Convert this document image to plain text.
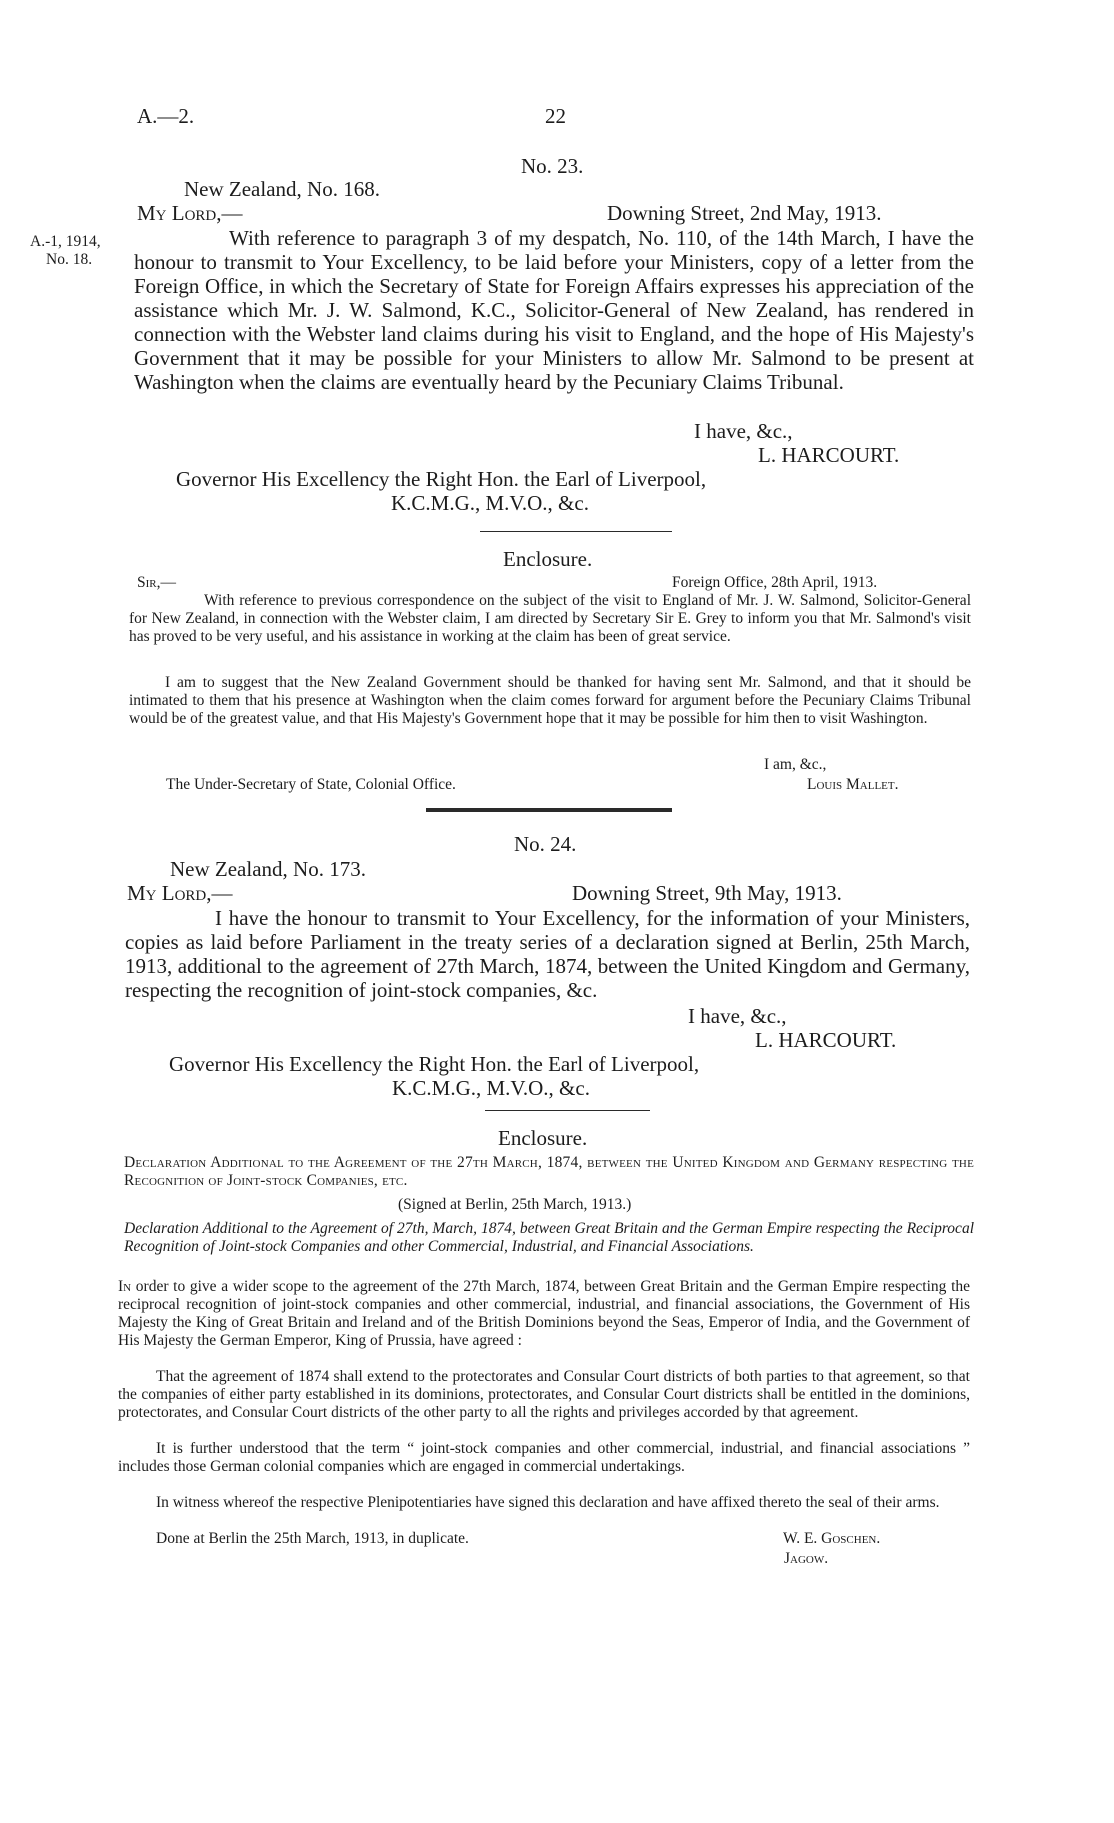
A.—2.	22
No. 23.
New Zealand, No. 168.
My Lord,—	Downing Street, 2nd May, 1913.
A.-1, 1914,
No. 18.
With reference to paragraph 3 of my despatch, No. 110, of the 14th March, I have the honour to transmit to Your Excellency, to be laid before your Ministers, copy of a letter from the Foreign Office, in which the Secretary of State for Foreign Affairs expresses his appreciation of the assistance which Mr. J. W. Salmond, K.C., Solicitor-General of New Zealand, has rendered in connection with the Webster land claims during his visit to England, and the hope of His Majesty's Government that it may be possible for your Ministers to allow Mr. Salmond to be present at Washington when the claims are eventually heard by the Pecuniary Claims Tribunal.
I have, &c.,
L. HARCOURT.
Governor His Excellency the Right Hon. the Earl of Liverpool,
K.C.M.G., M.V.O., &c.
Enclosure.
Sir,—	Foreign Office, 28th April, 1913.
With reference to previous correspondence on the subject of the visit to England of Mr. J. W. Salmond, Solicitor-General for New Zealand, in connection with the Webster claim, I am directed by Secretary Sir E. Grey to inform you that Mr. Salmond's visit has proved to be very useful, and his assistance in working at the claim has been of great service.
I am to suggest that the New Zealand Government should be thanked for having sent Mr. Salmond, and that it should be intimated to them that his presence at Washington when the claim comes forward for argument before the Pecuniary Claims Tribunal would be of the greatest value, and that His Majesty's Government hope that it may be possible for him then to visit Washington.
I am, &c.,
The Under-Secretary of State, Colonial Office.	Louis Mallet.
No. 24.
New Zealand, No. 173.
My Lord,—	Downing Street, 9th May, 1913.
I have the honour to transmit to Your Excellency, for the information of your Ministers, copies as laid before Parliament in the treaty series of a declaration signed at Berlin, 25th March, 1913, additional to the agreement of 27th March, 1874, between the United Kingdom and Germany, respecting the recognition of joint-stock companies, &c.
I have, &c.,
L. HARCOURT.
Governor His Excellency the Right Hon. the Earl of Liverpool,
K.C.M.G., M.V.O., &c.
Enclosure.
Declaration Additional to the Agreement of the 27th March, 1874, between the United Kingdom and Germany respecting the Recognition of Joint-stock Companies, etc.
(Signed at Berlin, 25th March, 1913.)
Declaration Additional to the Agreement of 27th, March, 1874, between Great Britain and the German Empire respecting the Reciprocal Recognition of Joint-stock Companies and other Commercial, Industrial, and Financial Associations.
In order to give a wider scope to the agreement of the 27th March, 1874, between Great Britain and the German Empire respecting the reciprocal recognition of joint-stock companies and other commercial, industrial, and financial associations, the Government of His Majesty the King of Great Britain and Ireland and of the British Dominions beyond the Seas, Emperor of India, and the Government of His Majesty the German Emperor, King of Prussia, have agreed :
That the agreement of 1874 shall extend to the protectorates and Consular Court districts of both parties to that agreement, so that the companies of either party established in its dominions, protectorates, and Consular Court districts shall be entitled in the dominions, protectorates, and Consular Court districts of the other party to all the rights and privileges accorded by that agreement.
It is further understood that the term “ joint-stock companies and other commercial, industrial, and financial associations ” includes those German colonial companies which are engaged in commercial undertakings.
In witness whereof the respective Plenipotentiaries have signed this declaration and have affixed thereto the seal of their arms.
Done at Berlin the 25th March, 1913, in duplicate.	W. E. Goschen.
Jagow.
